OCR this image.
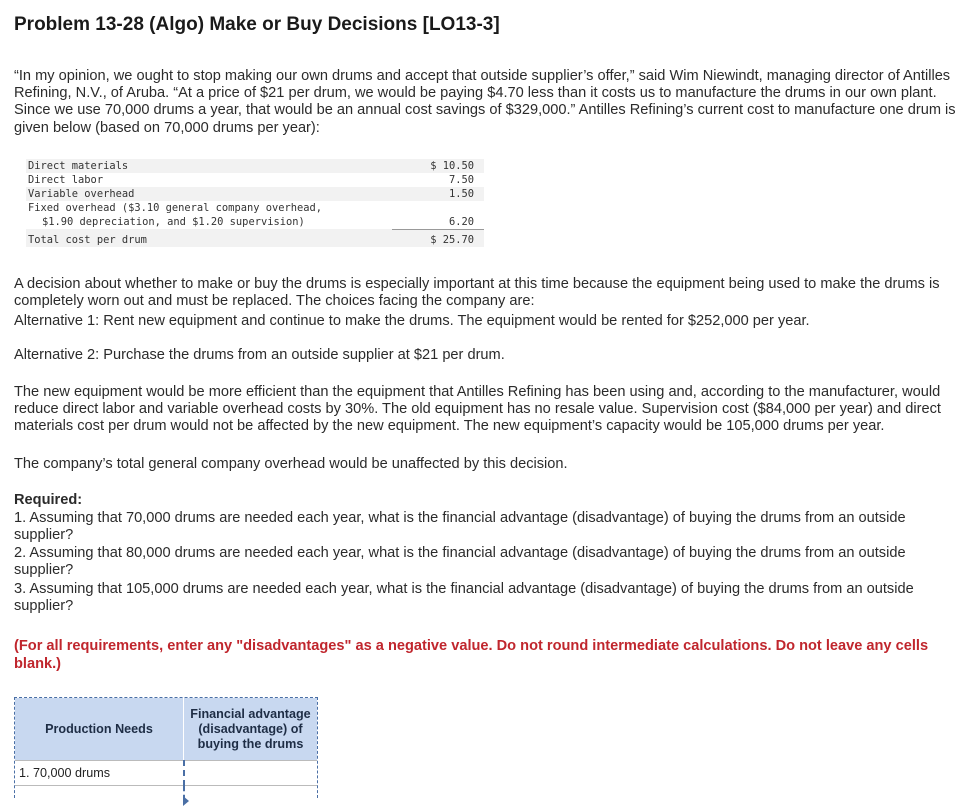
Problem 13-28 (Algo) Make or Buy Decisions [LO13-3]

“In my opinion, we ought to stop making our own drums and accept that outside supplier’s offer,” said Wim Niewindt, managing director of Antilles Refining, N.V., of Aruba. “At a price of $21 per drum, we would be paying $4.70 less than it costs us to manufacture the drums in our own plant. Since we use 70,000 drums a year, that would be an annual cost savings of $329,000.” Antilles Refining’s current cost to manufacture one drum is given below (based on 70,000 drums per year):

Direct materials	$ 10.50
Direct labor	7.50
Variable overhead	1.50

Fixed overhead ($3.10 general company overhead,
$1.90 depreciation, and $1.20 supervision)	6.20
Total cost per drum	$ 25.70

A decision about whether to make or buy the drums is especially important at this time because the equipment being used to make the drums is completely worn out and must be replaced. The choices facing the company are:

Alternative 1: Rent new equipment and continue to make the drums. The equipment would be rented for $252,000 per year.

Alternative 2: Purchase the drums from an outside supplier at $21 per drum.

The new equipment would be more efficient than the equipment that Antilles Refining has been using and, according to the manufacturer, would reduce direct labor and variable overhead costs by 30%. The old equipment has no resale value. Supervision cost ($84,000 per year) and direct materials cost per drum would not be affected by the new equipment. The new equipment’s capacity would be 105,000 drums per year.

The company’s total general company overhead would be unaffected by this decision.

Required:

1. Assuming that 70,000 drums are needed each year, what is the financial advantage (disadvantage) of buying the drums from an outside supplier?

2. Assuming that 80,000 drums are needed each year, what is the financial advantage (disadvantage) of buying the drums from an outside supplier?

3. Assuming that 105,000 drums are needed each year, what is the financial advantage (disadvantage) of buying the drums from an outside supplier?

(For all requirements, enter any "disadvantages" as a negative value. Do not round intermediate calculations. Do not leave any cells blank.)

Production Needs	Financial advantage (disadvantage) of buying the drums
1. 70,000 drums	
